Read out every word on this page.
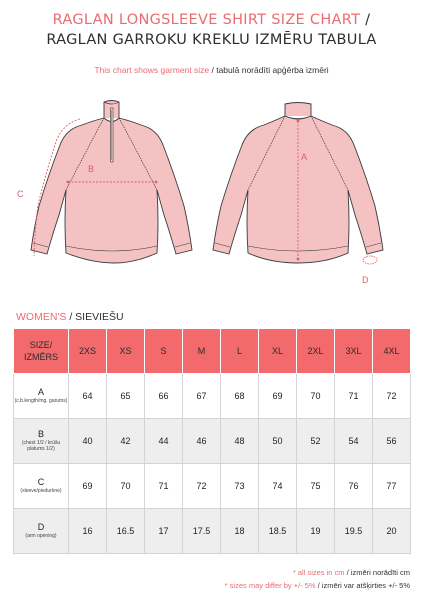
RAGLAN LONGSLEEVE SHIRT SIZE CHART /
RAGLAN GARROKU KREKLU IZMĒRU TABULA
This chart shows garment size / tabulā norādīti apģērba izmēri
B
C
A
D
WOMEN'S / SIEVIEŠU
SIZE/
IZMĒRS	2XS	XS	S	M	L	XL	2XL	3XL	4XL

A
(c.b.length/mg. garums)	64	65	66	67	68	69	70	71	72

B
(chest 1/2 / krūšu platums 1/2)	40	42	44	46	48	50	52	54	56

C
(sleeve/piedurkne)	69	70	71	72	73	74	75	76	77

D
(arm opening)	16	16.5	17	17.5	18	18.5	19	19.5	20
* all sizes in cm / izmēri norādīti cm
* sizes may differ by +/- 5% / izmēri var atšķirties +/- 5%
